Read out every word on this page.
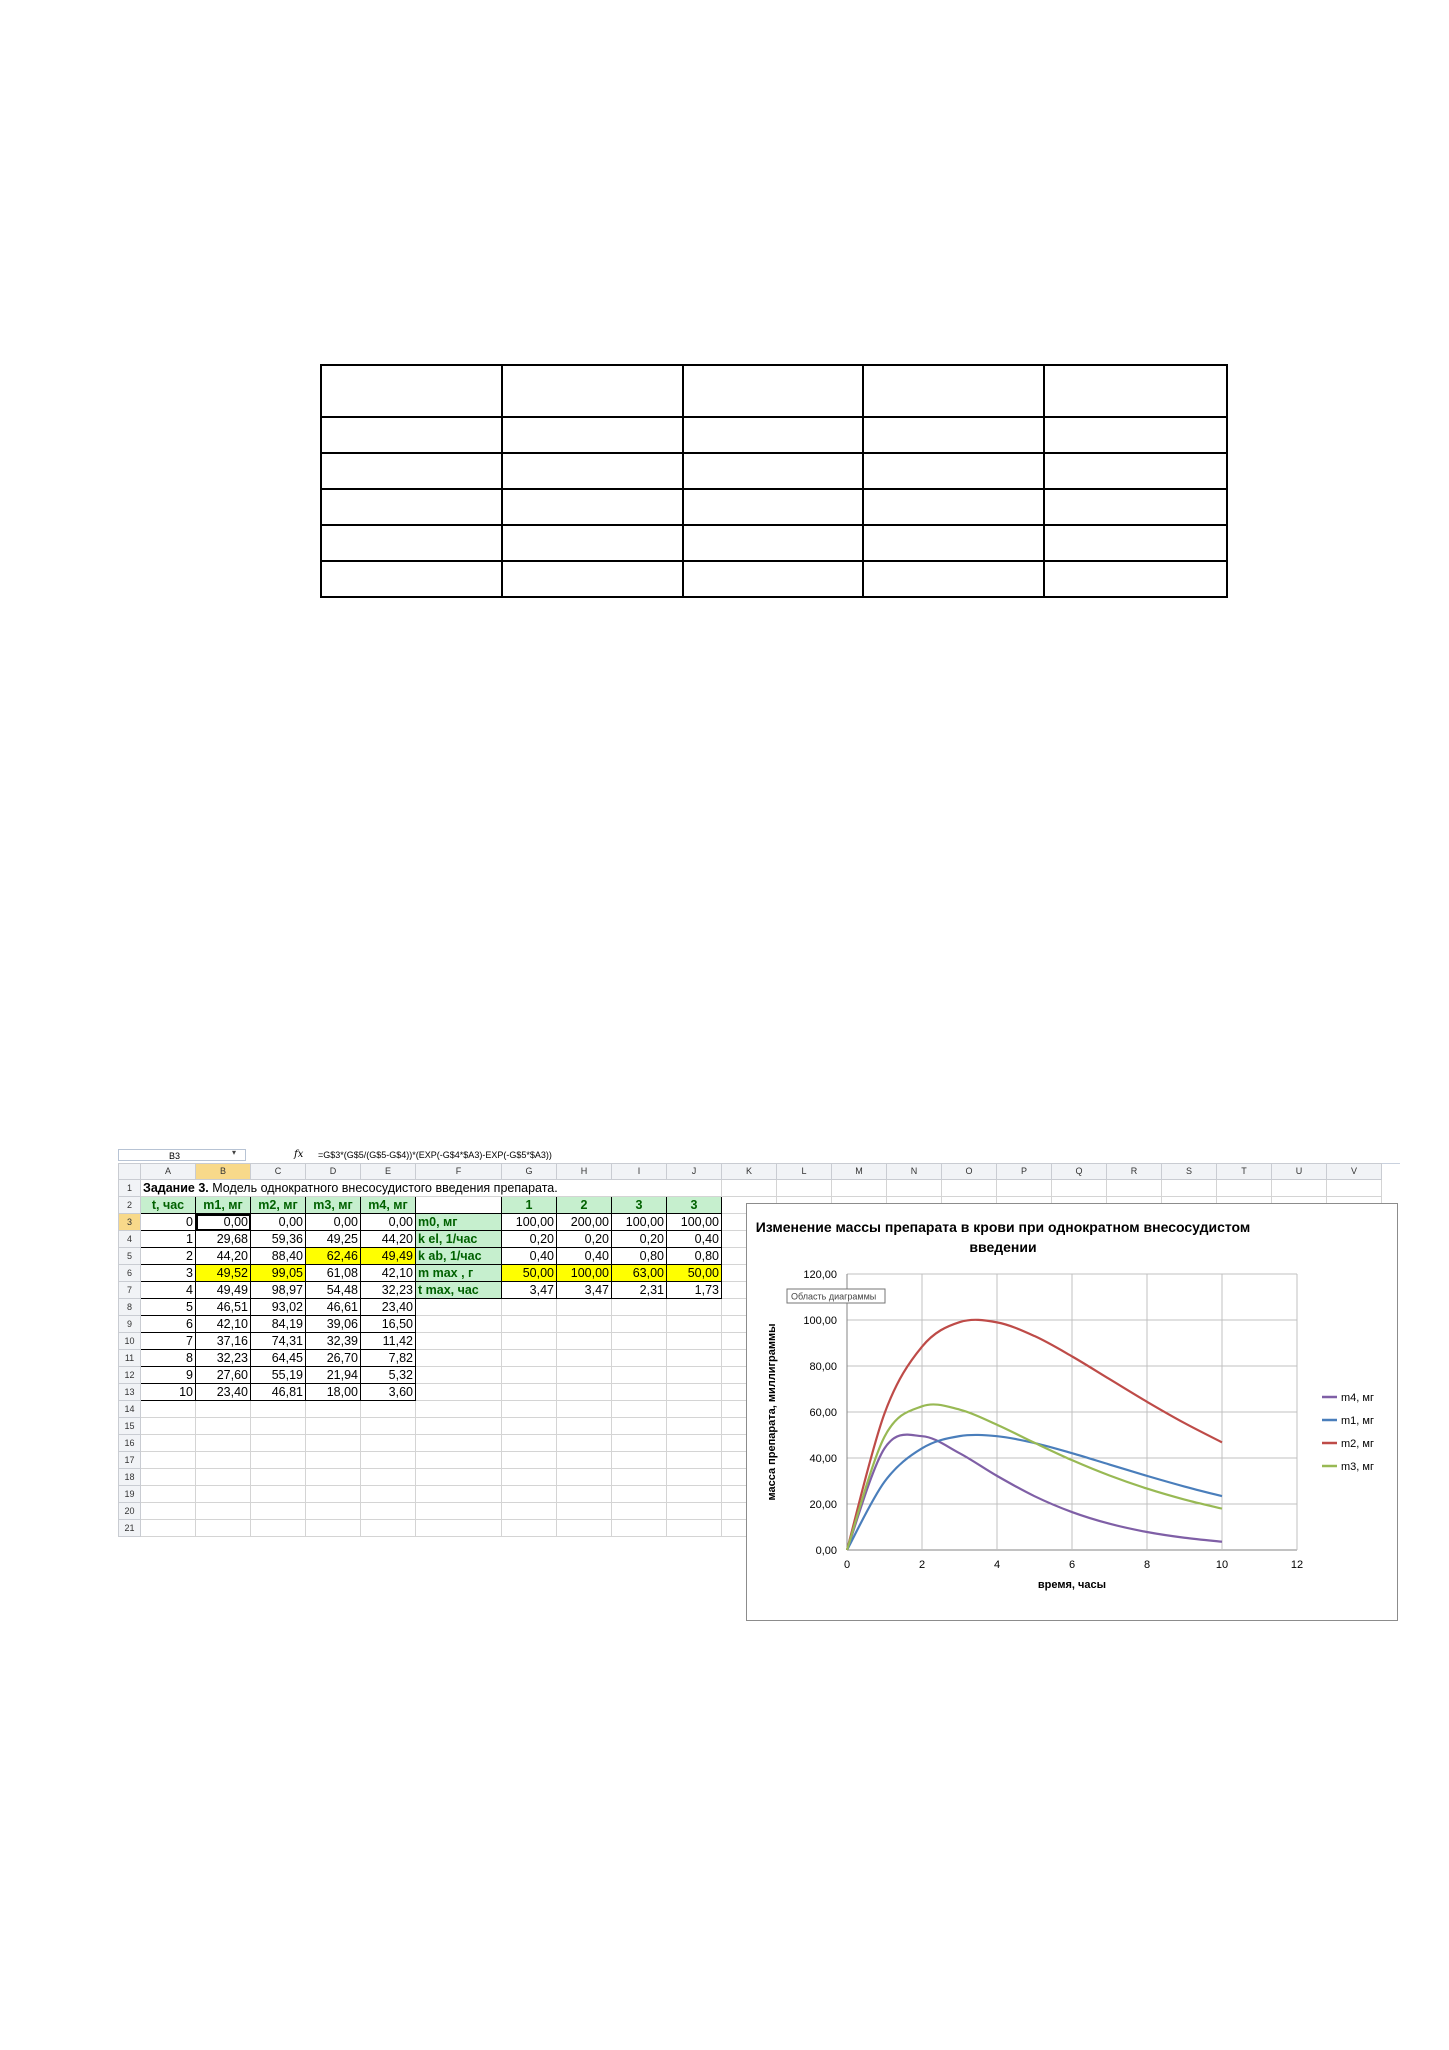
B3	▾	fx =G$3*(G$5/(G$5-G$4))*(EXP(-G$4*$A3)-EXP(-G$5*$A3))
	A	B	C	D	E	F	G	H	I	J	K	L	M	N	O	P	Q	R	S	T	U	V
1	Задание 3. Модель однократного внесосудистого введения препарата.																					
2	t, час	m1, мг	m2, мг	m3, мг	m4, мг		1	2	3	3												
3	0	0,00	0,00	0,00	0,00	m0, мг	100,00	200,00	100,00	100,00												
4	1	29,68	59,36	49,25	44,20	k el, 1/час	0,20	0,20	0,20	0,40												
5	2	44,20	88,40	62,46	49,49	k ab, 1/час	0,40	0,40	0,80	0,80												
6	3	49,52	99,05	61,08	42,10	m max , г	50,00	100,00	63,00	50,00												
7	4	49,49	98,97	54,48	32,23	t max, час	3,47	3,47	2,31	1,73												
8	5	46,51	93,02	46,61	23,40																	
9	6	42,10	84,19	39,06	16,50																	
10	7	37,16	74,31	32,39	11,42																	
11	8	32,23	64,45	26,70	7,82																	
12	9	27,60	55,19	21,94	5,32																	
13	10	23,40	46,81	18,00	3,60																	
14																						
15																						
16																						
17																						
18																						
19																						
20																						
21																						
Изменение массы препарата в крови при однократном внесосудистом
введении
0,00
20,00
40,00
60,00
80,00
100,00
120,00
0	2	4	6	8	10	12
время, часы
масса препарата, миллиграммы	m4, мг
m1, мг
m2, мг
m3, мг
Область диаграммы
